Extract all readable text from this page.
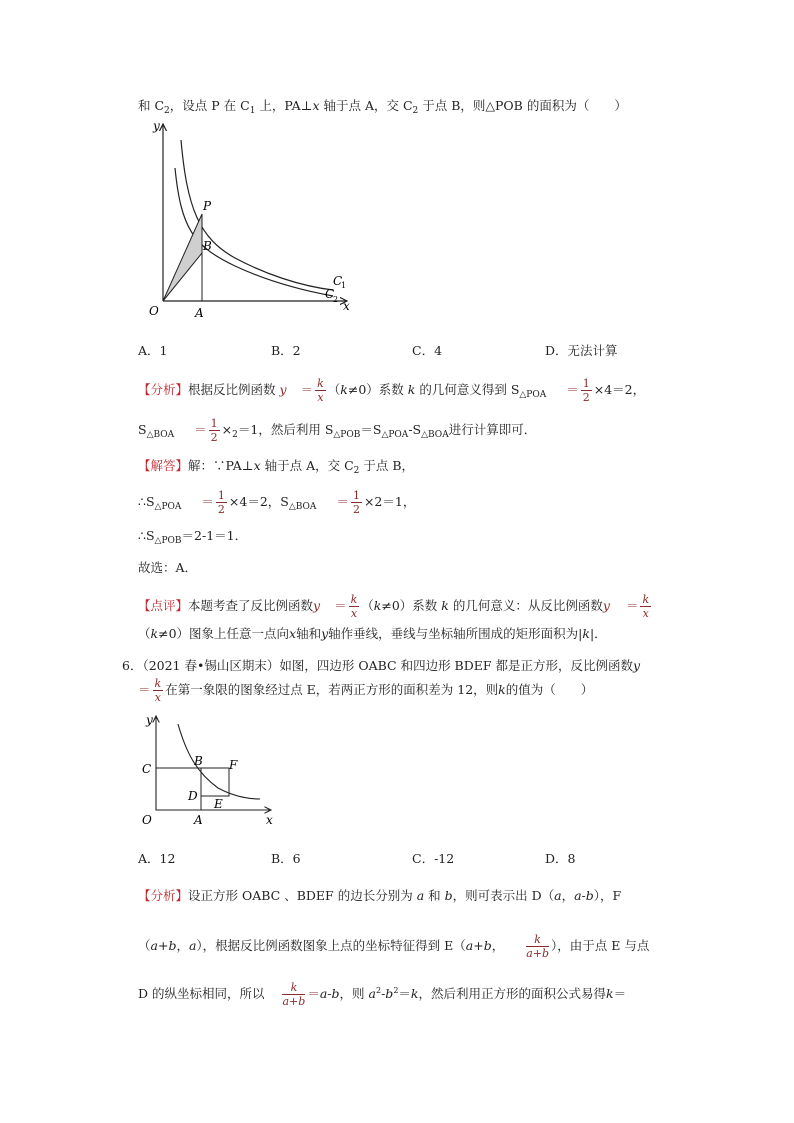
和 $C_2$，设点 P 在 $C_1$ 上，PA⊥x 轴于点 A，交 $C_2$ 于点 B，则△POB 的面积为（　　）
y
x
O	A
P
B
C
1
C
2
A．1	B．2	C．4	D．无法计算
【分析】根据反比例函数 $y = \frac{k}{x} (k\ne 0)$系数 k 的几何意义得到 $S_{\triangle POA} = \frac{1}{2} \times 4=2$，
$S_{\triangle BOA} = \frac{1}{2} \times_2=1$，然后利用 $S_{\triangle POB}=S_{\triangle POA}-S_{\triangle BOA}$进行计算即可．
【解答】解：∵PA⊥x 轴于点 A，交 $C_2$ 于点 B，
$\therefore S_{\triangle POA} = \frac{1}{2} \times 4=2$，$S_{\triangle BOA} = \frac{1}{2} \times 2=1$，
$\therefore S_{\triangle POB}=2-1=1$．
故选：A．
【点评】本题考查了反比例函数$y = \frac{k}{x} (k\ne 0)$系数 k 的几何意义：从反比例函数$y = \frac{k}{x}$
（k≠0）图象上任意一点向x轴和y轴作垂线，垂线与坐标轴所围成的矩形面积为|k|．
6．（2021 春•锡山区期末）如图，四边形 OABC 和四边形 BDEF 都是正方形，反比例函数y
＝ $\frac{k}{x}$ 在第一象限的图象经过点 E，若两正方形的面积差为 12，则k的值为（　　）
y
x
O	A
C
B F
D
E
A．12	B．6	C．-12	D．8
【分析】设正方形 OABC 、BDEF 的边长分别为 a 和 b，则可表示出 D（a，a-b），F
（a+b，a），根据反比例函数图象上点的坐标特征得到 E（a+b， $\frac{k}{a+b}$ ），由于点 E 与点
D 的纵坐标相同，所以 $\frac{k}{a+b} =a-b$，则 $a^2-b^2=k$，然后利用正方形的面积公式易得k＝
